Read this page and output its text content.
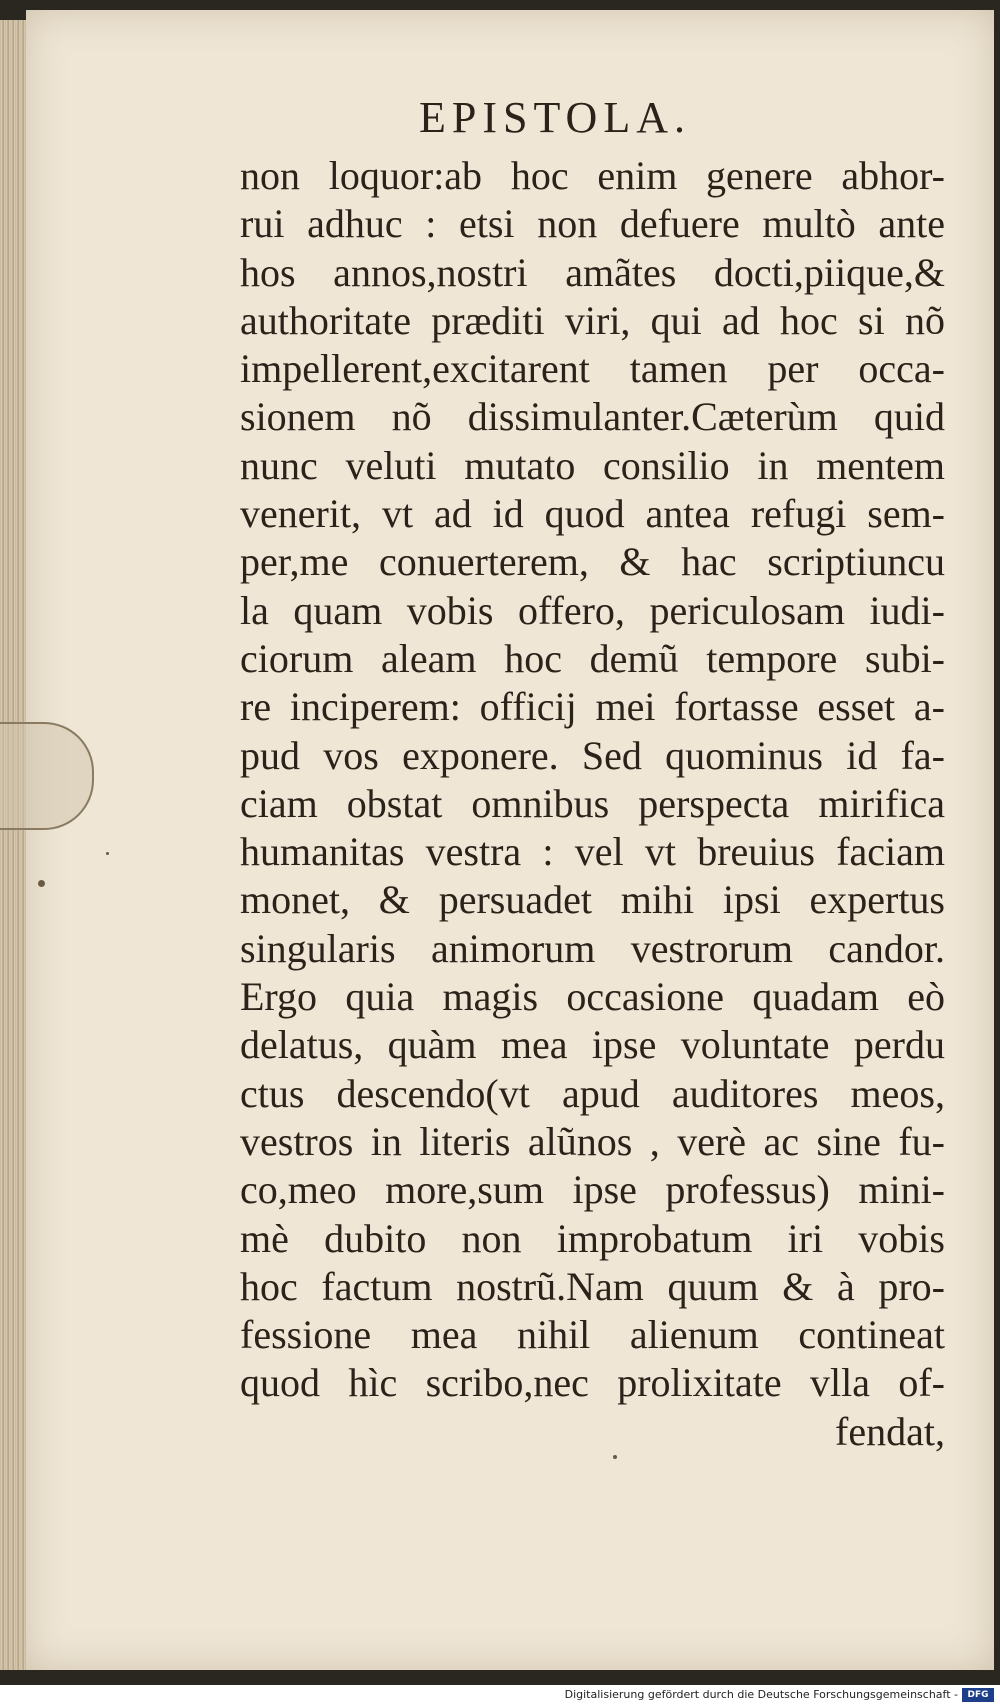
EPISTOLA.
non loquor:ab hoc enim genere abhor-
rui adhuc : etsi non defuere multò ante
hos annos,nostri amãtes docti,piique,&
authoritate præditi viri, qui ad hoc si nõ
impellerent,excitarent tamen per occa-
sionem nõ dissimulanter.Cæterùm quid
nunc veluti mutato consilio in mentem
venerit, vt ad id quod antea refugi sem-
per,me conuerterem, & hac scriptiuncu
la quam vobis offero, periculosam iudi-
ciorum aleam hoc demũ tempore subi-
re inciperem: officij mei fortasse esset a-
pud vos exponere. Sed quominus id fa-
ciam obstat omnibus perspecta mirifica
humanitas vestra : vel vt breuius faciam
monet, & persuadet mihi ipsi expertus
singularis animorum vestrorum candor.
Ergo quia magis occasione quadam eò
delatus, quàm mea ipse voluntate perdu
ctus descendo(vt apud auditores meos,
vestros in literis alũnos , verè ac sine fu-
co,meo more,sum ipse professus) mini-
mè dubito non improbatum iri vobis
hoc factum nostrũ.Nam quum & à pro-
fessione mea nihil alienum contineat
quod hìc scribo,nec prolixitate vlla of-
fendat,
Digitalisierung gefördert durch die Deutsche Forschungsgemeinschaft -	DFG
